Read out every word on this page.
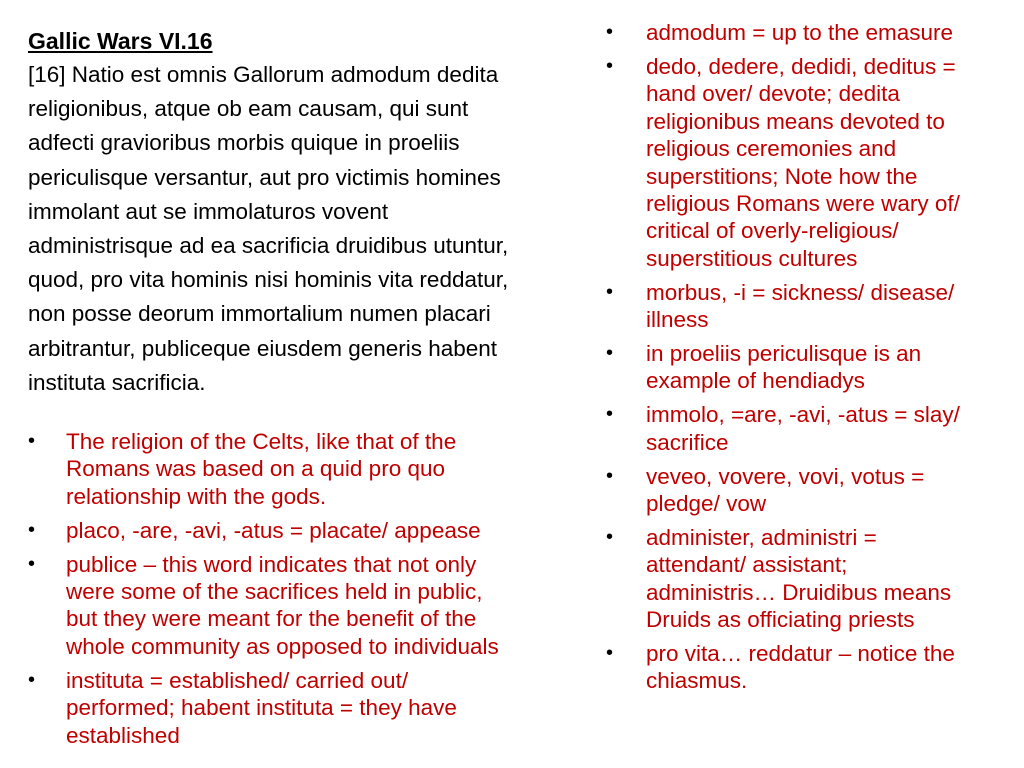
Gallic Wars VI.16

[16] Natio est omnis Gallorum admodum dedita
religionibus, atque ob eam causam, qui sunt
adfecti gravioribus morbis quique in proeliis
periculisque versantur, aut pro victimis homines
immolant aut se immolaturos vovent
administrisque ad ea sacrificia druidibus utuntur,
quod, pro vita hominis nisi hominis vita reddatur,
non posse deorum immortalium numen placari
arbitrantur, publiceque eiusdem generis habent
instituta sacrificia.

• The religion of the Celts, like that of the
Romans was based on a quid pro quo
relationship with the gods.
• placo, -are, -avi, -atus = placate/ appease
• publice – this word indicates that not only
were some of the sacrifices held in public,
but they were meant for the benefit of the
whole community as opposed to individuals
• instituta = established/ carried out/
performed; habent instituta = they have
established
• admodum = up to the emasure
• dedo, dedere, dedidi, deditus =
hand over/ devote; dedita
religionibus means devoted to
religious ceremonies and
superstitions; Note how the
religious Romans were wary of/
critical of overly-religious/
superstitious cultures
• morbus, -i = sickness/ disease/
illness
• in proeliis periculisque is an
example of hendiadys
• immolo, =are, -avi, -atus = slay/
sacrifice
• veveo, vovere, vovi, votus =
pledge/ vow
• administer, administri =
attendant/ assistant;
administris… Druidibus means
Druids as officiating priests
• pro vita… reddatur – notice the
chiasmus.
